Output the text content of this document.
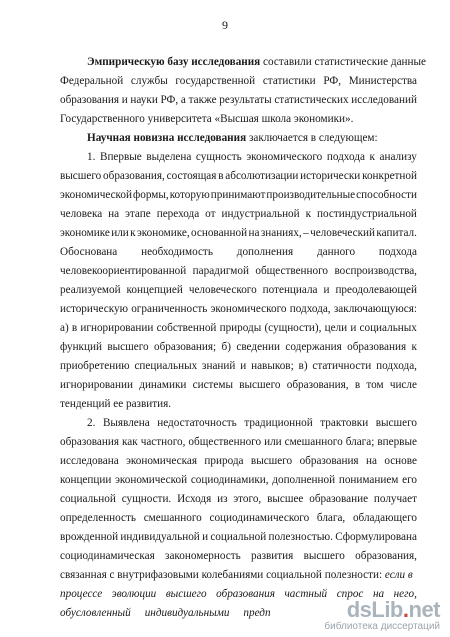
9
Эмпирическую базу исследования составили статистические данные
Федеральной службы государственной статистики РФ, Министерства
образования и науки РФ, а также результаты статистических исследований
Государственного университета «Высшая школа экономики».
Научная новизна исследования заключается в следующем:
1. Впервые выделена сущность экономического подхода к анализу
высшего образования, состоящая в абсолютизации исторически конкретной
экономической формы, которую принимают производительные способности
человека на этапе перехода от индустриальной к постиндустриальной
экономике или к экономике, основанной на знаниях, – человеческий капитал.
Обоснована необходимость дополнения данного подхода
человекоориентированной парадигмой общественного воспроизводства,
реализуемой концепцией человеческого потенциала и преодолевающей
историческую ограниченность экономического подхода, заключающуюся:
а) в игнорировании собственной природы (сущности), цели и социальных
функций высшего образования; б) сведении содержания образования к
приобретению специальных знаний и навыков; в) статичности подхода,
игнорировании динамики системы высшего образования, в том числе
тенденций ее развития.
2. Выявлена недостаточность традиционной трактовки высшего
образования как частного, общественного или смешанного блага; впервые
исследована экономическая природа высшего образования на основе
концепции экономической социодинамики, дополненной пониманием его
социальной сущности. Исходя из этого, высшее образование получает
определенность смешанного социодинамического блага, обладающего
врожденной индивидуальной и социальной полезностью. Сформулирована
социодинамическая закономерность развития высшего образования,
связанная с внутрифазовыми колебаниями социальной полезности: если в
процессе эволюции высшего образования частный спрос на него,
обусловленный     индивидуальными     предп	dsLib.net
библиотека диссертаций
